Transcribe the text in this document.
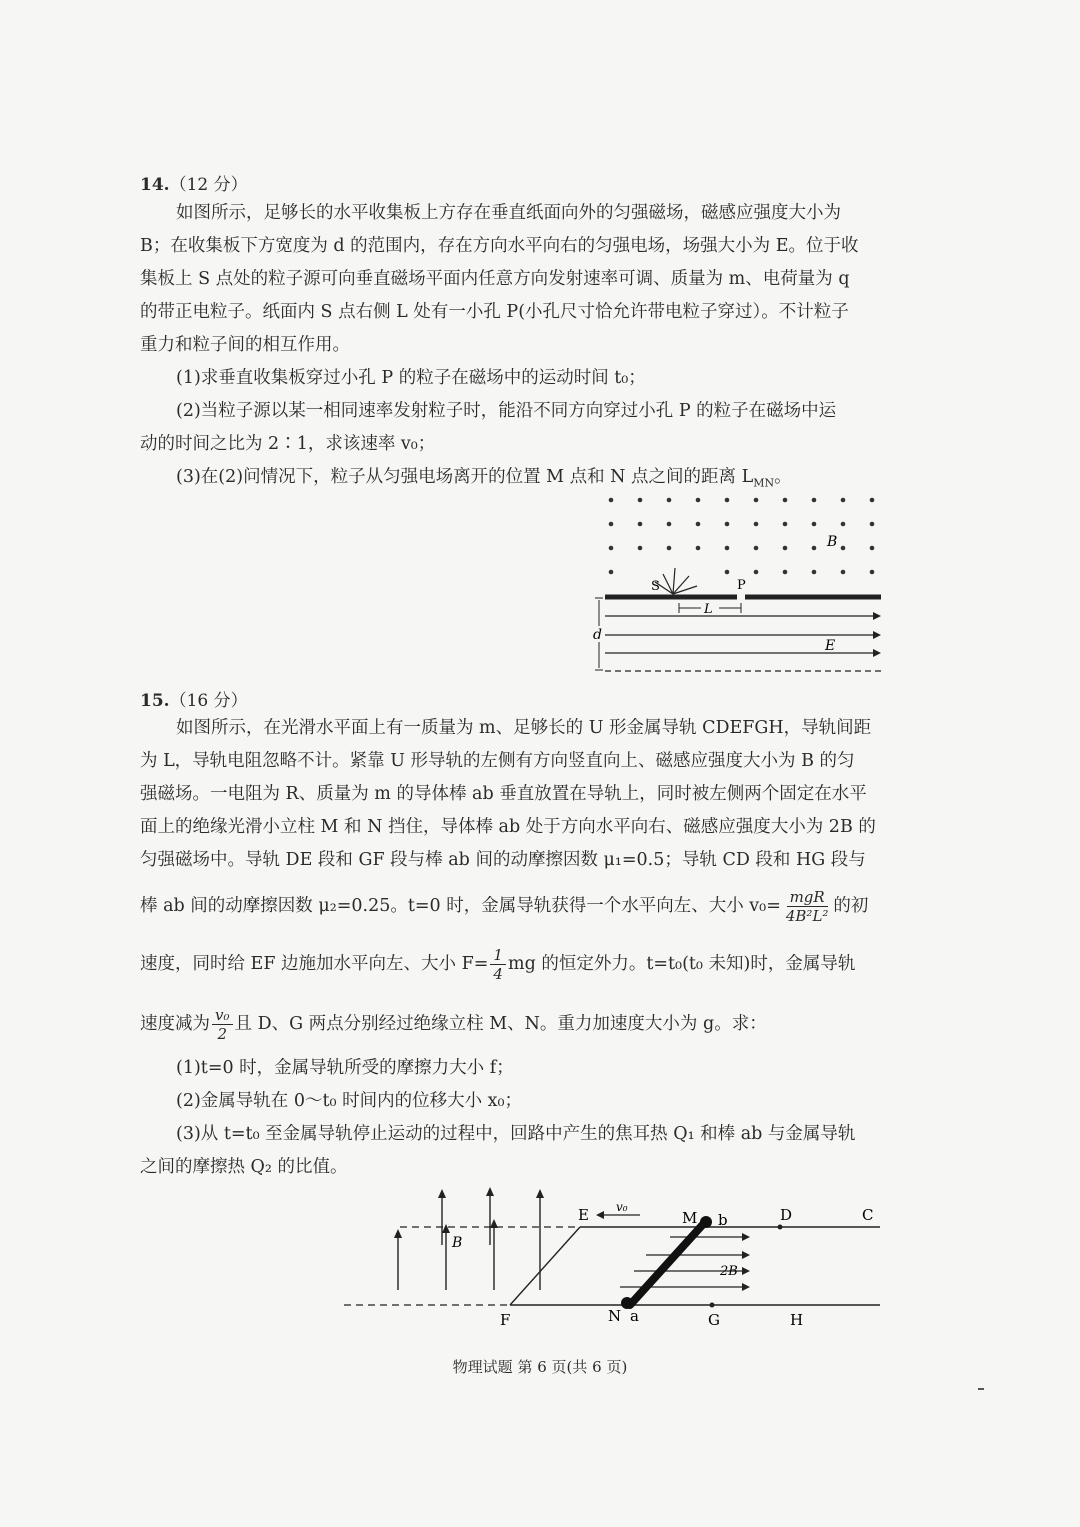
14.（12 分）
如图所示，足够长的水平收集板上方存在垂直纸面向外的匀强磁场，磁感应强度大小为
B；在收集板下方宽度为 d 的范围内，存在方向水平向右的匀强电场，场强大小为 E。位于收
集板上 S 点处的粒子源可向垂直磁场平面内任意方向发射速率可调、质量为 m、电荷量为 q
的带正电粒子。纸面内 S 点右侧 L 处有一小孔 P(小孔尺寸恰允许带电粒子穿过）。不计粒子
重力和粒子间的相互作用。
(1)求垂直收集板穿过小孔 P 的粒子在磁场中的运动时间 t₀；
(2)当粒子源以某一相同速率发射粒子时，能沿不同方向穿过小孔 P 的粒子在磁场中运
动的时间之比为 2∶1，求该速率 v₀；
(3)在(2)问情况下，粒子从匀强电场离开的位置 M 点和 N 点之间的距离 $L_{MN}$。
B
S	P
L
E
d
15.（16 分）
如图所示，在光滑水平面上有一质量为 m、足够长的 U 形金属导轨 CDEFGH，导轨间距
为 L，导轨电阻忽略不计。紧靠 U 形导轨的左侧有方向竖直向上、磁感应强度大小为 B 的匀
强磁场。一电阻为 R、质量为 m 的导体棒 ab 垂直放置在导轨上，同时被左侧两个固定在水平
面上的绝缘光滑小立柱 M 和 N 挡住，导体棒 ab 处于方向水平向右、磁感应强度大小为 2B 的
匀强磁场中。导轨 DE 段和 GF 段与棒 ab 间的动摩擦因数 μ₁=0.5；导轨 CD 段和 HG 段与
棒 ab 间的动摩擦因数 μ₂=0.25。t=0 时，金属导轨获得一个水平向左、大小 $v_0= \frac{\text{mgR}}{\text{4B²L²}}$ 的初
速度，同时给 EF 边施加水平向左、大小 $F= \frac{1}{4}$ mg 的恒定外力。t=t₀(t₀ 未知)时，金属导轨
速度减为 $\frac{\text{v₀}}{2}$ 且 D、G 两点分别经过绝缘立柱 M、N。重力加速度大小为 g。求：
(1)t=0 时，金属导轨所受的摩擦力大小 f；
(2)金属导轨在 0～t₀ 时间内的位移大小 x₀；
(3)从 t=t₀ 至金属导轨停止运动的过程中，回路中产生的焦耳热 Q₁ 和棒 ab 与金属导轨
之间的摩擦热 Q₂ 的比值。
B
v₀
2B
E	M b	D	C
F	N a	G	H
物理试题 第 6 页(共 6 页)
